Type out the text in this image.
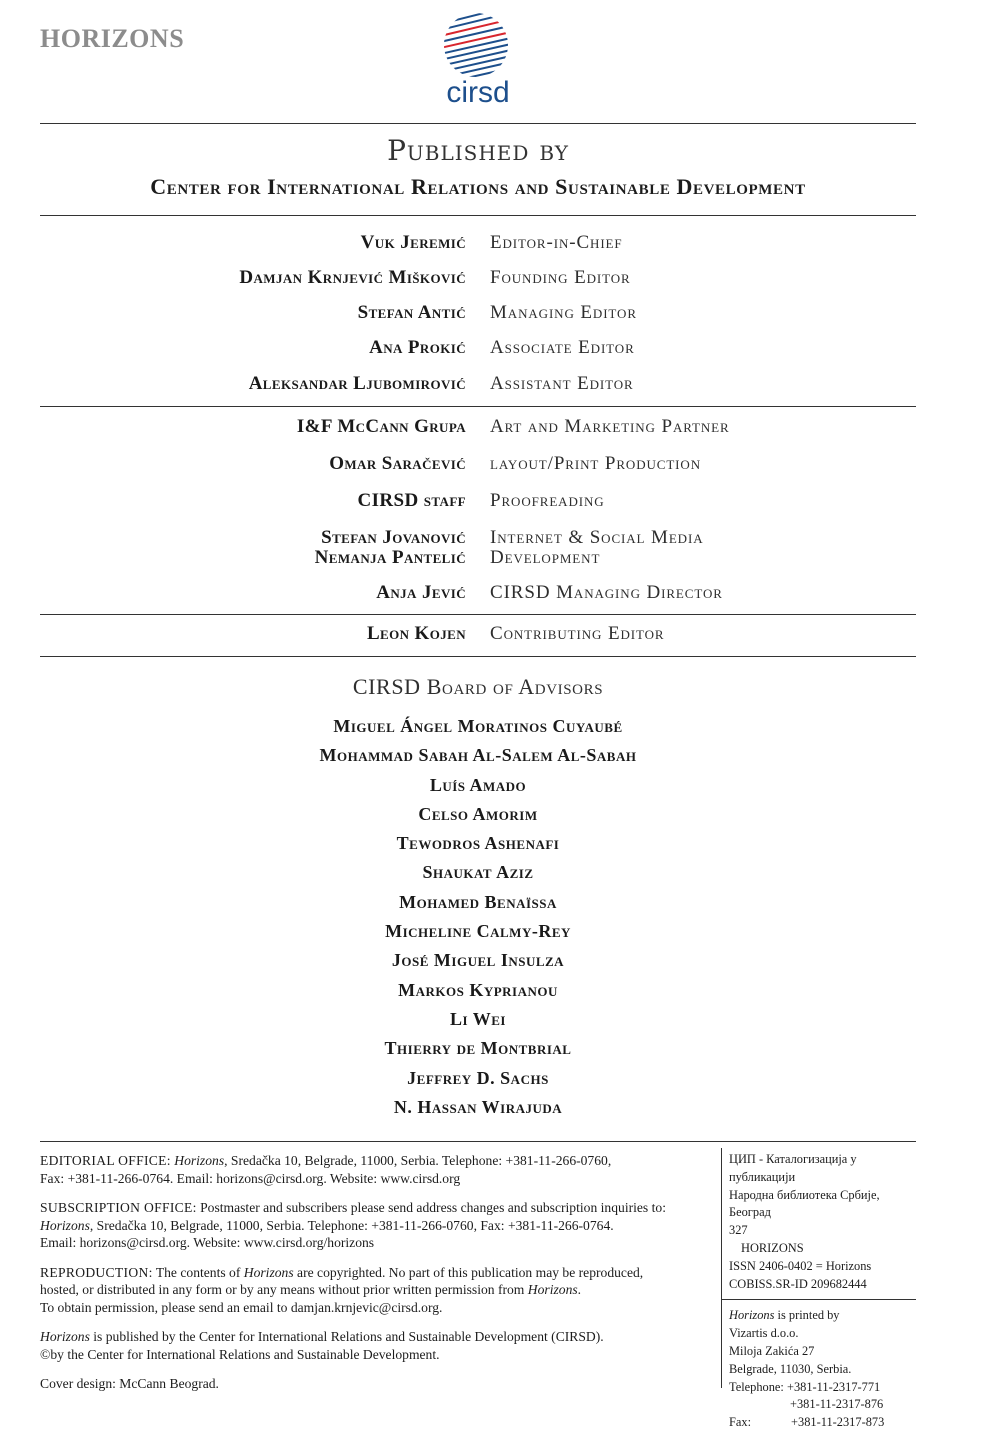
HORIZONS
cirsd
Published by
Center for International Relations and Sustainable Development
Vuk Jeremić Editor-in-Chief
Damjan Krnjević Mišković Founding Editor
Stefan Antić Managing Editor
Ana Prokić Associate Editor
Aleksandar Ljubomirović Assistant Editor
I&F McCann Grupa Art and Marketing Partner
Omar Saračević layout/Print Production
CIRSD staff Proofreading
Stefan Jovanović Internet & Social Media
Nemanja Pantelić Development
Anja Jević CIRSD Managing Director
Leon Kojen Contributing Editor
CIRSD Board of Advisors
Miguel Ángel Moratinos Cuyaubé
Mohammad Sabah Al-Salem Al-Sabah
Luís Amado
Celso Amorim
Tewodros Ashenafi
Shaukat Aziz
Mohamed Benaïssa
Micheline Calmy-Rey
José Miguel Insulza
Markos Kyprianou
Li Wei
Thierry de Montbrial
Jeffrey D. Sachs
N. Hassan Wirajuda

EDITORIAL OFFICE: Horizons, Sredačka 10, Belgrade, 11000, Serbia. Telephone: +381-11-266-0760,
Fax: +381-11-266-0764. Email: horizons@cirsd.org. Website: www.cirsd.org

SUBSCRIPTION OFFICE: Postmaster and subscribers please send address changes and subscription inquiries to:
Horizons, Sredačka 10, Belgrade, 11000, Serbia. Telephone: +381-11-266-0760, Fax: +381-11-266-0764.
Email: horizons@cirsd.org. Website: www.cirsd.org/horizons

REPRODUCTION: The contents of Horizons are copyrighted. No part of this publication may be reproduced,
hosted, or distributed in any form or by any means without prior written permission from Horizons.
To obtain permission, please send an email to damjan.krnjevic@cirsd.org.

Horizons is published by the Center for International Relations and Sustainable Development (CIRSD).
©by the Center for International Relations and Sustainable Development.

Cover design: McCann Beograd.

ЦИП - Каталогизација у публикацији
Народна библиотека Србије, Београд
327
HORIZONS
ISSN 2406-0402 = Horizons
COBISS.SR-ID 209682444
Horizons is printed by
Vizartis d.o.o.
Miloja Zakića 27
Belgrade, 11030, Serbia.
Telephone: +381-11-2317-771
+381-11-2317-876
Fax:	+381-11-2317-873
